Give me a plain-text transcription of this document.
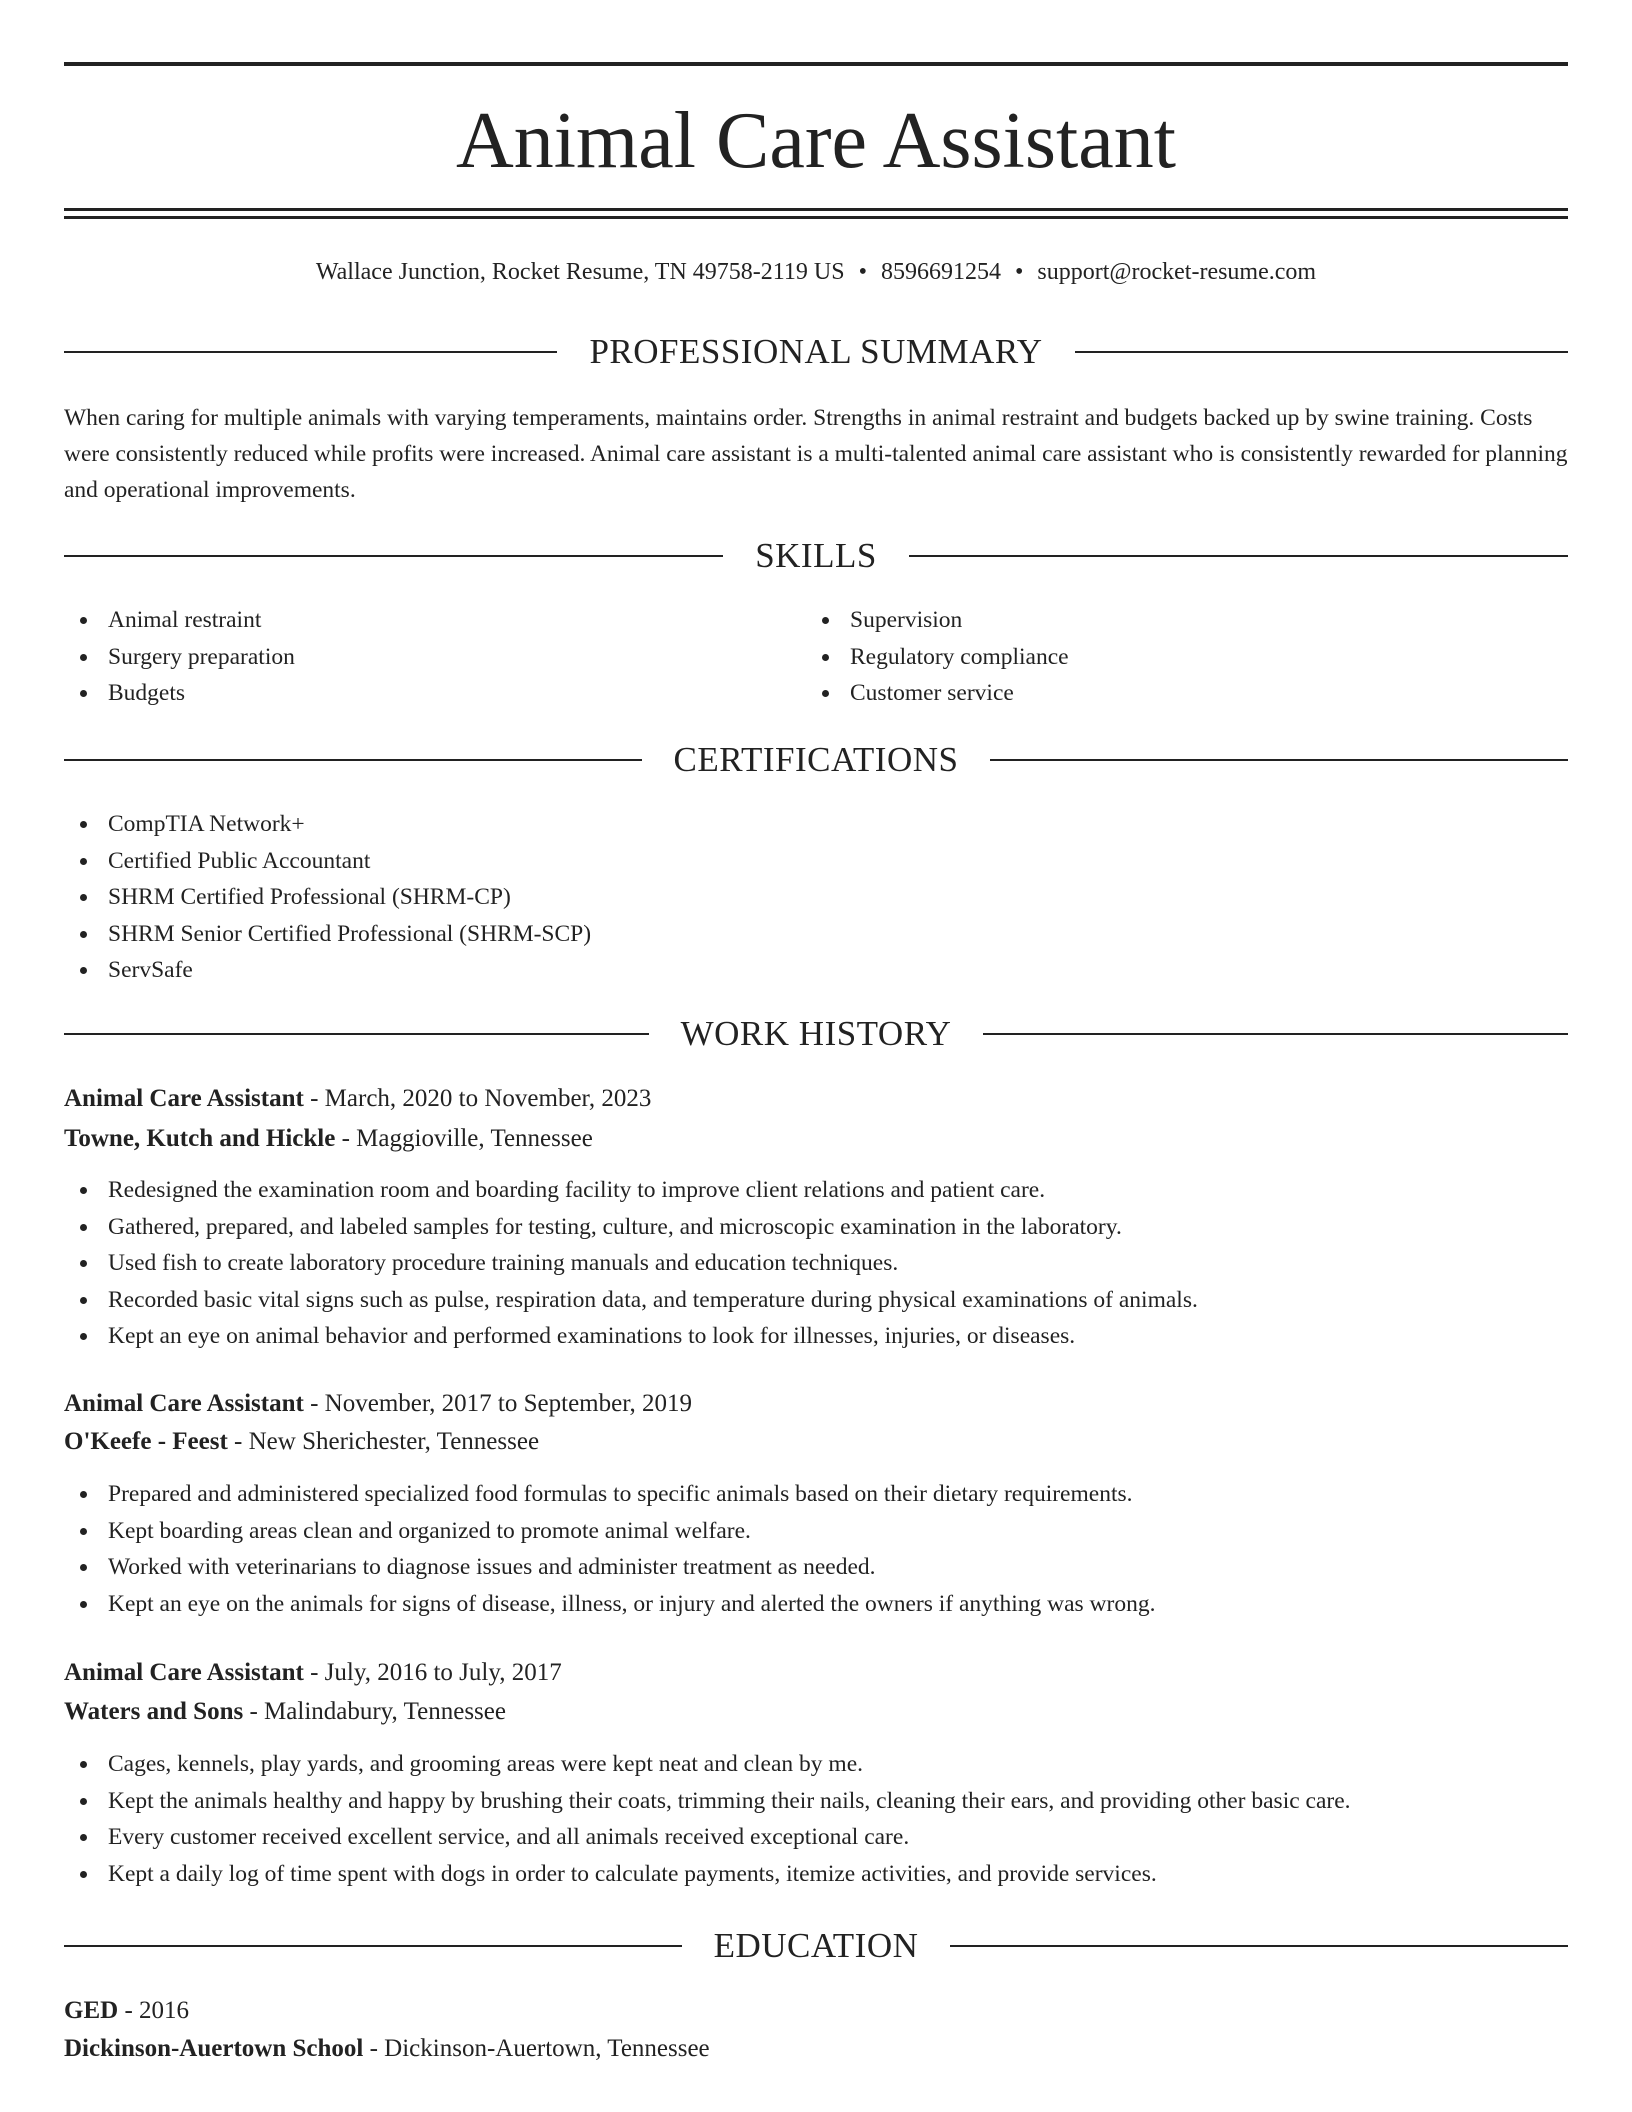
Animal Care Assistant
Wallace Junction, Rocket Resume, TN 49758-2119 US • 8596691254 • support@rocket-resume.com
PROFESSIONAL SUMMARY

When caring for multiple animals with varying temperaments, maintains order. Strengths in animal restraint and budgets backed up by swine training. Costs were consistently reduced while profits were increased. Animal care assistant is a multi-talented animal care assistant who is consistently rewarded for planning and operational improvements.

SKILLS
Animal restraint
Surgery preparation
Budgets
Supervision
Regulatory compliance
Customer service
CERTIFICATIONS
CompTIA Network+
Certified Public Accountant
SHRM Certified Professional (SHRM-CP)
SHRM Senior Certified Professional (SHRM-SCP)
ServSafe
WORK HISTORY
Animal Care Assistant - March, 2020 to November, 2023
Towne, Kutch and Hickle - Maggioville, Tennessee
Redesigned the examination room and boarding facility to improve client relations and patient care.
Gathered, prepared, and labeled samples for testing, culture, and microscopic examination in the laboratory.
Used fish to create laboratory procedure training manuals and education techniques.
Recorded basic vital signs such as pulse, respiration data, and temperature during physical examinations of animals.
Kept an eye on animal behavior and performed examinations to look for illnesses, injuries, or diseases.
Animal Care Assistant - November, 2017 to September, 2019
O'Keefe - Feest - New Sherichester, Tennessee
Prepared and administered specialized food formulas to specific animals based on their dietary requirements.
Kept boarding areas clean and organized to promote animal welfare.
Worked with veterinarians to diagnose issues and administer treatment as needed.
Kept an eye on the animals for signs of disease, illness, or injury and alerted the owners if anything was wrong.
Animal Care Assistant - July, 2016 to July, 2017
Waters and Sons - Malindabury, Tennessee
Cages, kennels, play yards, and grooming areas were kept neat and clean by me.
Kept the animals healthy and happy by brushing their coats, trimming their nails, cleaning their ears, and providing other basic care.
Every customer received excellent service, and all animals received exceptional care.
Kept a daily log of time spent with dogs in order to calculate payments, itemize activities, and provide services.
EDUCATION
GED - 2016
Dickinson-Auertown School - Dickinson-Auertown, Tennessee
